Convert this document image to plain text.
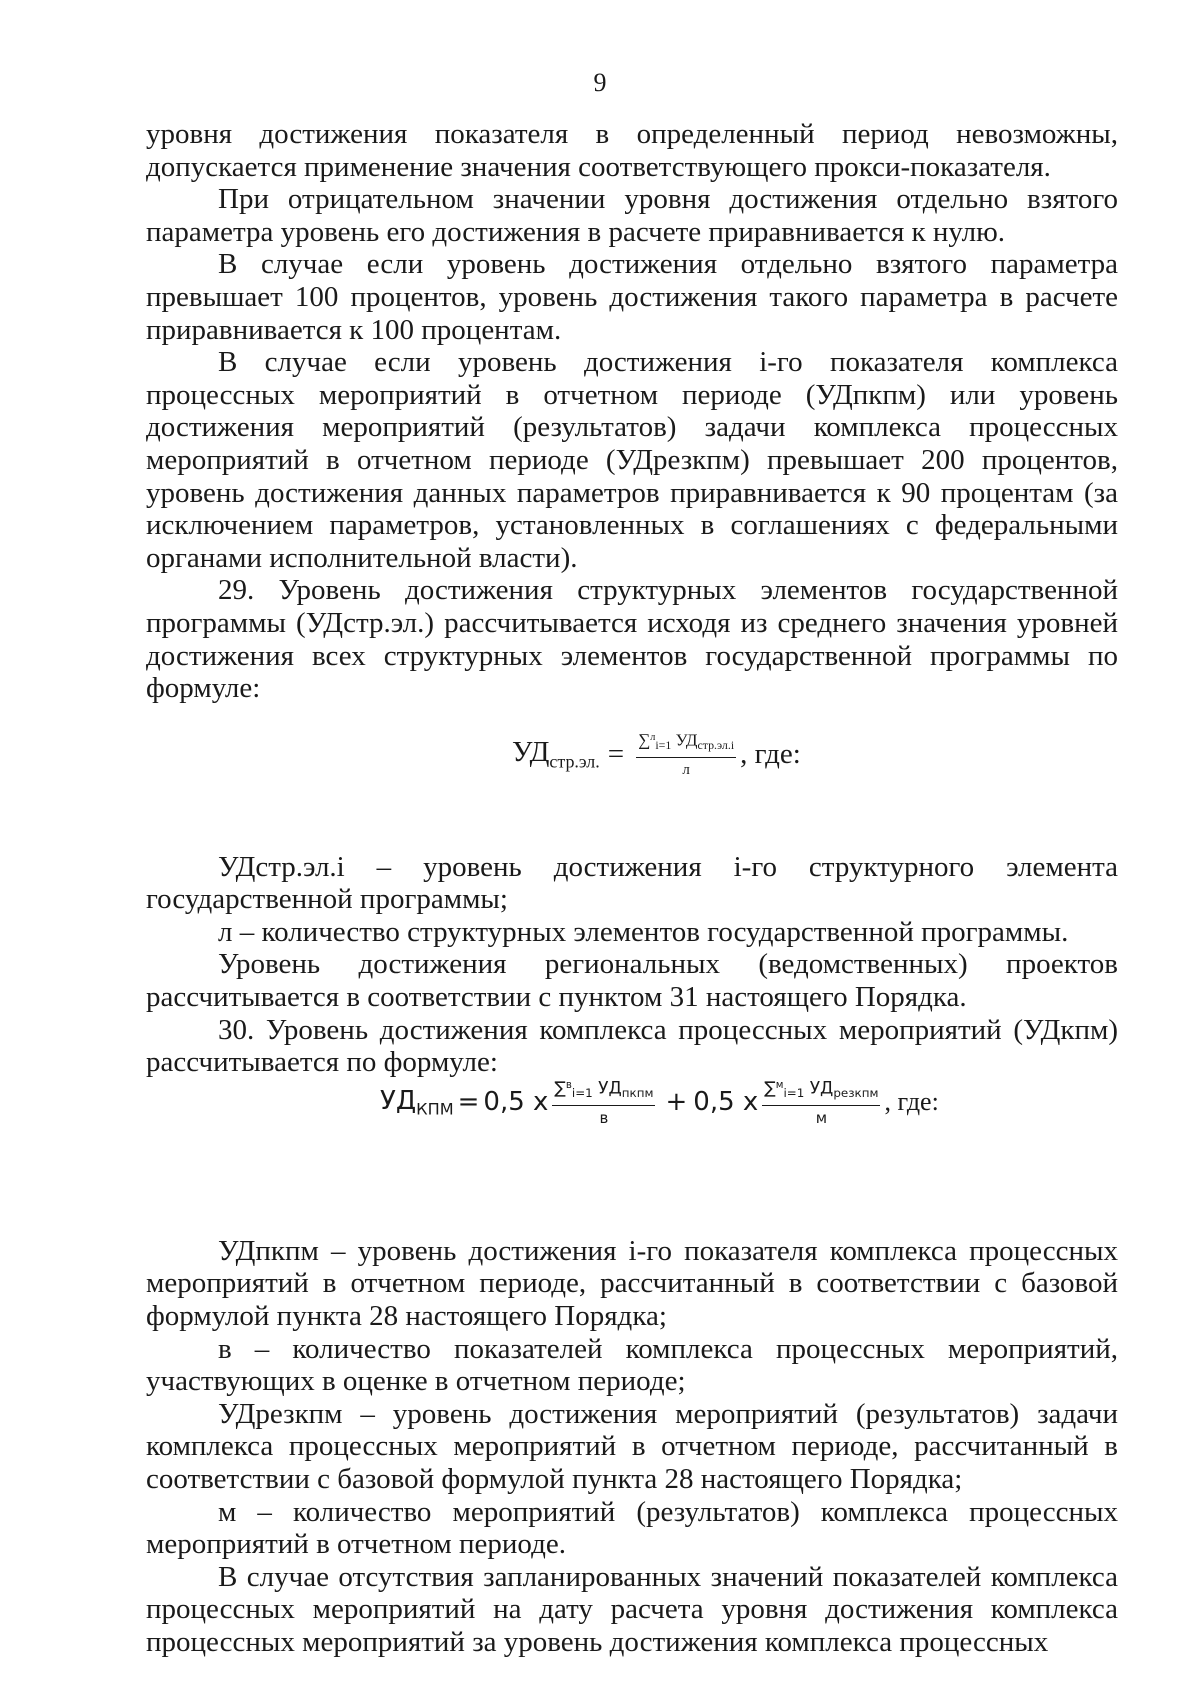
9

уровня достижения показателя в определенный период невозможны, допускается применение значения соответствующего прокси-показателя.

При отрицательном значении уровня достижения отдельно взятого параметра уровень его достижения в расчете приравнивается к нулю.

В случае если уровень достижения отдельно взятого параметра превышает 100 процентов, уровень достижения такого параметра в расчете приравнивается к 100 процентам.

В случае если уровень достижения i-го показателя комплекса процессных мероприятий в отчетном периоде (УДпкпм) или уровень достижения мероприятий (результатов) задачи комплекса процессных мероприятий в отчетном периоде (УДрезкпм) превышает 200 процентов, уровень достижения данных параметров приравнивается к 90 процентам (за исключением параметров, установленных в соглашениях с федеральными органами исполнительной власти).

29. Уровень достижения структурных элементов государственной программы (УДстр.эл.) рассчитывается исходя из среднего значения уровней достижения всех структурных элементов государственной программы по формуле:

УДстр.эл.i – уровень достижения i-го структурного элемента государственной программы;

л – количество структурных элементов государственной программы.

Уровень достижения региональных (ведомственных) проектов рассчитывается в соответствии с пунктом 31 настоящего Порядка.

30. Уровень достижения комплекса процессных мероприятий (УДкпм) рассчитывается по формуле:

УДпкпм – уровень достижения i-го показателя комплекса процессных мероприятий в отчетном периоде, рассчитанный в соответствии с базовой формулой пункта 28 настоящего Порядка;

в – количество показателей комплекса процессных мероприятий, участвующих в оценке в отчетном периоде;

УДрезкпм – уровень достижения мероприятий (результатов) задачи комплекса процессных мероприятий в отчетном периоде, рассчитанный в соответствии с базовой формулой пункта 28 настоящего Порядка;

м – количество мероприятий (результатов) комплекса процессных мероприятий в отчетном периоде.

В случае отсутствия запланированных значений показателей комплекса процессных мероприятий на дату расчета уровня достижения комплекса процессных мероприятий за уровень достижения комплекса процессных

$УД_{стр.эл.} = \frac{\sum^л_{i=1} УД_{стр.эл.i}}{л}$ , где:
$УД_{КПМ} = 0,5$ х $\frac{\sum^в_{i=1} УД_{пкпм}}{в} + 0,5$ х $\frac{\sum^м_{i=1} УД_{резкпм}}{м}$ , где:
